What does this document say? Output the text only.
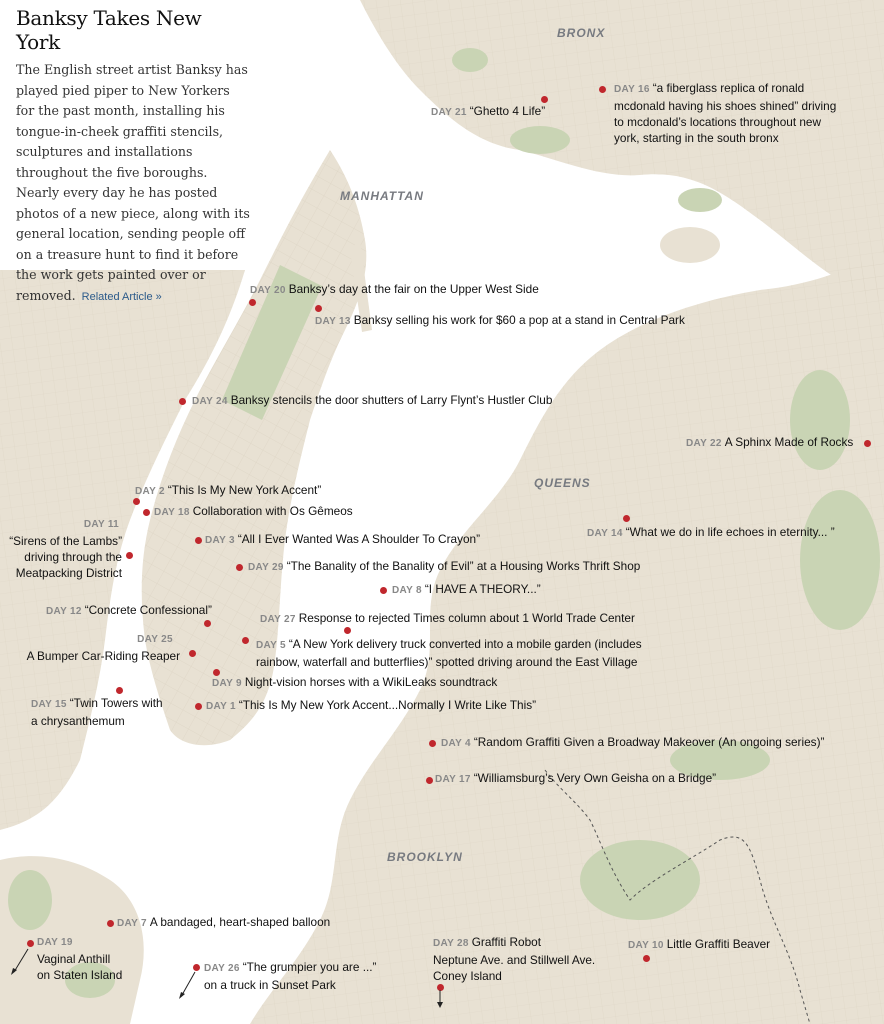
Banksy Takes New York

The English street artist Banksy has played pied piper to New Yorkers for the past month, installing his tongue-in-cheek graffiti stencils, sculptures and installations throughout the five boroughs. Nearly every day he has posted photos of a new piece, along with its general location, sending people off on a treasure hunt to find it before the work gets painted over or removed. Related Article »

BRONX
MANHATTAN
QUEENS
BROOKLYN
DAY 21 “Ghetto 4 Life”
DAY 16 “a fiberglass replica of ronald
mcdonald having his shoes shined” driving
to mcdonald’s locations throughout new
york, starting in the south bronx
DAY 20 Banksy’s day at the fair on the Upper West Side
DAY 13 Banksy selling his work for $60 a pop at a stand in Central Park
DAY 24 Banksy stencils the door shutters of Larry Flynt’s Hustler Club
DAY 22 A Sphinx Made of Rocks
DAY 2 “This Is My New York Accent”
DAY 18 Collaboration with Os Gêmeos
DAY 11
“Sirens of the Lambs”
driving through the
Meatpacking District
DAY 3 “All I Ever Wanted Was A Shoulder To Crayon”	DAY 14 “What we do in life echoes in eternity... ”
DAY 29 “The Banality of the Banality of Evil” at a Housing Works Thrift Shop
DAY 8 “I HAVE A THEORY...”
DAY 12 “Concrete Confessional”
DAY 27 Response to rejected Times column about 1 World Trade Center
DAY 25
A Bumper Car-Riding Reaper
DAY 5 “A New York delivery truck converted into a mobile garden (includes
rainbow, waterfall and butterflies)” spotted driving around the East Village
DAY 9 Night-vision horses with a WikiLeaks soundtrack
DAY 15 “Twin Towers with
a chrysanthemum
DAY 1 “This Is My New York Accent...Normally I Write Like This”
DAY 4 “Random Graffiti Given a Broadway Makeover (An ongoing series)”
DAY 17 “Williamsburg’s Very Own Geisha on a Bridge”
DAY 7 A bandaged, heart-shaped balloon
DAY 19
Vaginal Anthill
on Staten Island	DAY 26 “The grumpier you are ...”
on a truck in Sunset Park
DAY 28 Graffiti Robot
Neptune Ave. and Stillwell Ave.
Coney Island
DAY 10 Little Graffiti Beaver
